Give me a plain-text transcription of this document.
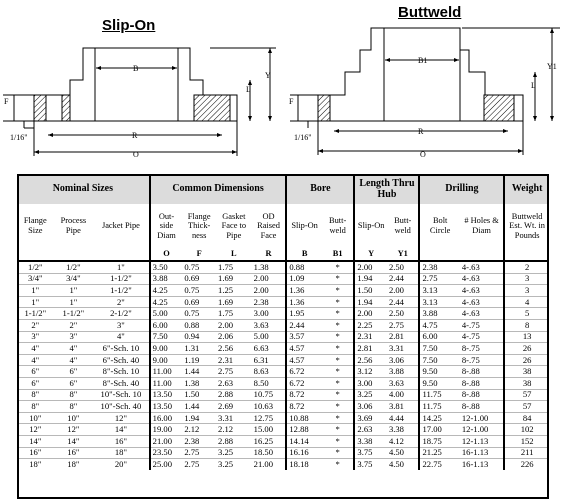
Slip-On
Buttweld
B
Y
L
F
R
O
1/16"
B1
Y1
L
F
R
O
1/16"
Nominal Sizes			Common Dimensions				Bore		Length Thru Hub		Drilling		Weight
Flange Size	Process Pipe	Jacket Pipe	Out-side Diam	Flange Thick-ness	Gasket Face to Pipe	OD Raised Face	Slip-On	Butt-weld	Slip-On	Butt-weld	Bolt Circle	# Holes & Diam	Buttweld Est. Wt. in Pounds
			O	F	L	R	B	B1	Y	Y1			
1/2"	1/2"	1"	3.50	0.75	1.75	1.38	0.88	*	2.00	2.50	2.38	4-.63	2
3/4"	3/4"	1-1/2"	3.88	0.69	1.69	2.00	1.09	*	1.94	2.44	2.75	4-.63	3
1"	1"	1-1/2"	4.25	0.75	1.25	2.00	1.36	*	1.50	2.00	3.13	4-.63	3
1"	1"	2"	4.25	0.69	1.69	2.38	1.36	*	1.94	2.44	3.13	4-.63	4
1-1/2"	1-1/2"	2-1/2"	5.00	0.75	1.75	3.00	1.95	*	2.00	2.50	3.88	4-.63	5
2"	2"	3"	6.00	0.88	2.00	3.63	2.44	*	2.25	2.75	4.75	4-.75	8
3"	3"	4"	7.50	0.94	2.06	5.00	3.57	*	2.31	2.81	6.00	4-.75	13
4"	4"	6"-Sch. 10	9.00	1.31	2.56	6.63	4.57	*	2.81	3.31	7.50	8-.75	26
4"	4"	6"-Sch. 40	9.00	1.19	2.31	6.31	4.57	*	2.56	3.06	7.50	8-.75	26
6"	6"	8"-Sch. 10	11.00	1.44	2.75	8.63	6.72	*	3.12	3.88	9.50	8-.88	38
6"	6"	8"-Sch. 40	11.00	1.38	2.63	8.50	6.72	*	3.00	3.63	9.50	8-.88	38
8"	8"	10"-Sch. 10	13.50	1.50	2.88	10.75	8.72	*	3.25	4.00	11.75	8-.88	57
8"	8"	10"-Sch. 40	13.50	1.44	2.69	10.63	8.72	*	3.06	3.81	11.75	8-.88	57
10"	10"	12"	16.00	1.94	3.31	12.75	10.88	*	3.69	4.44	14.25	12-1.00	84
12"	12"	14"	19.00	2.12	2.12	15.00	12.88	*	2.63	3.38	17.00	12-1.00	102
14"	14"	16"	21.00	2.38	2.88	16.25	14.14	*	3.38	4.12	18.75	12-1.13	152
16"	16"	18"	23.50	2.75	3.25	18.50	16.16	*	3.75	4.50	21.25	16-1.13	211
18"	18"	20"	25.00	2.75	3.25	21.00	18.18	*	3.75	4.50	22.75	16-1.13	226
